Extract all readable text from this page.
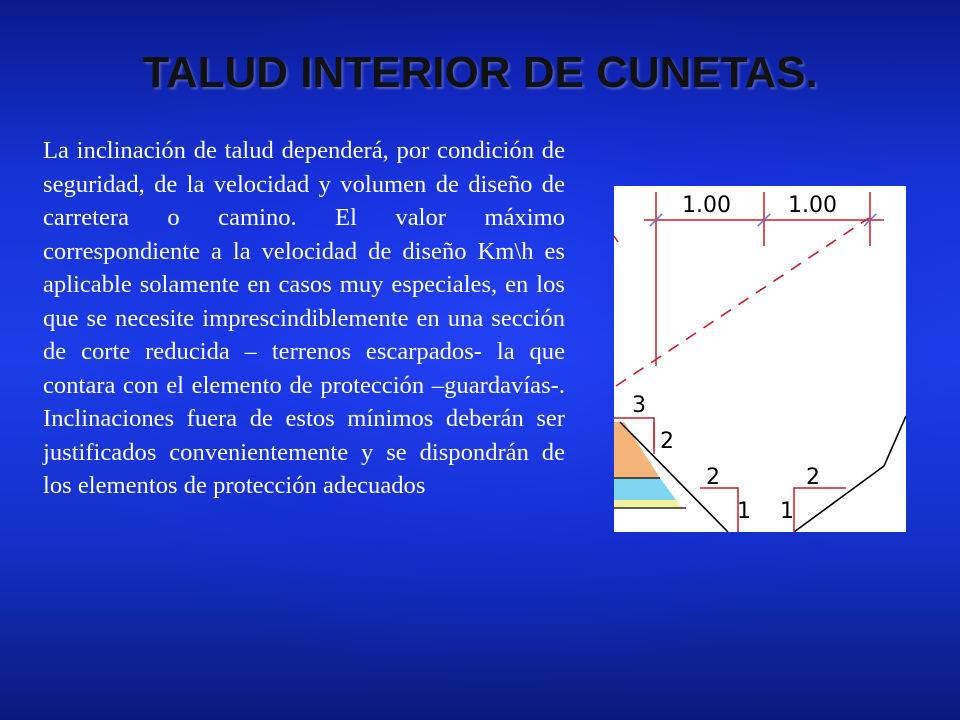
TALUD INTERIOR DE CUNETAS.

La inclinación de talud dependerá, por condición de seguridad, de la velocidad y volumen de diseño de carretera o camino. El valor máximo correspondiente a la velocidad de diseño Km\h es aplicable solamente en casos muy especiales, en los que se necesite imprescindiblemente en una sección de corte reducida – terrenos escarpados- la que contara con el elemento de protección –guardavías-. Inclinaciones fuera de estos mínimos deberán ser justificados convenientemente y se dispondrán de los elementos de protección adecuados

1.00	1.00
3
2
2
1 1
2
